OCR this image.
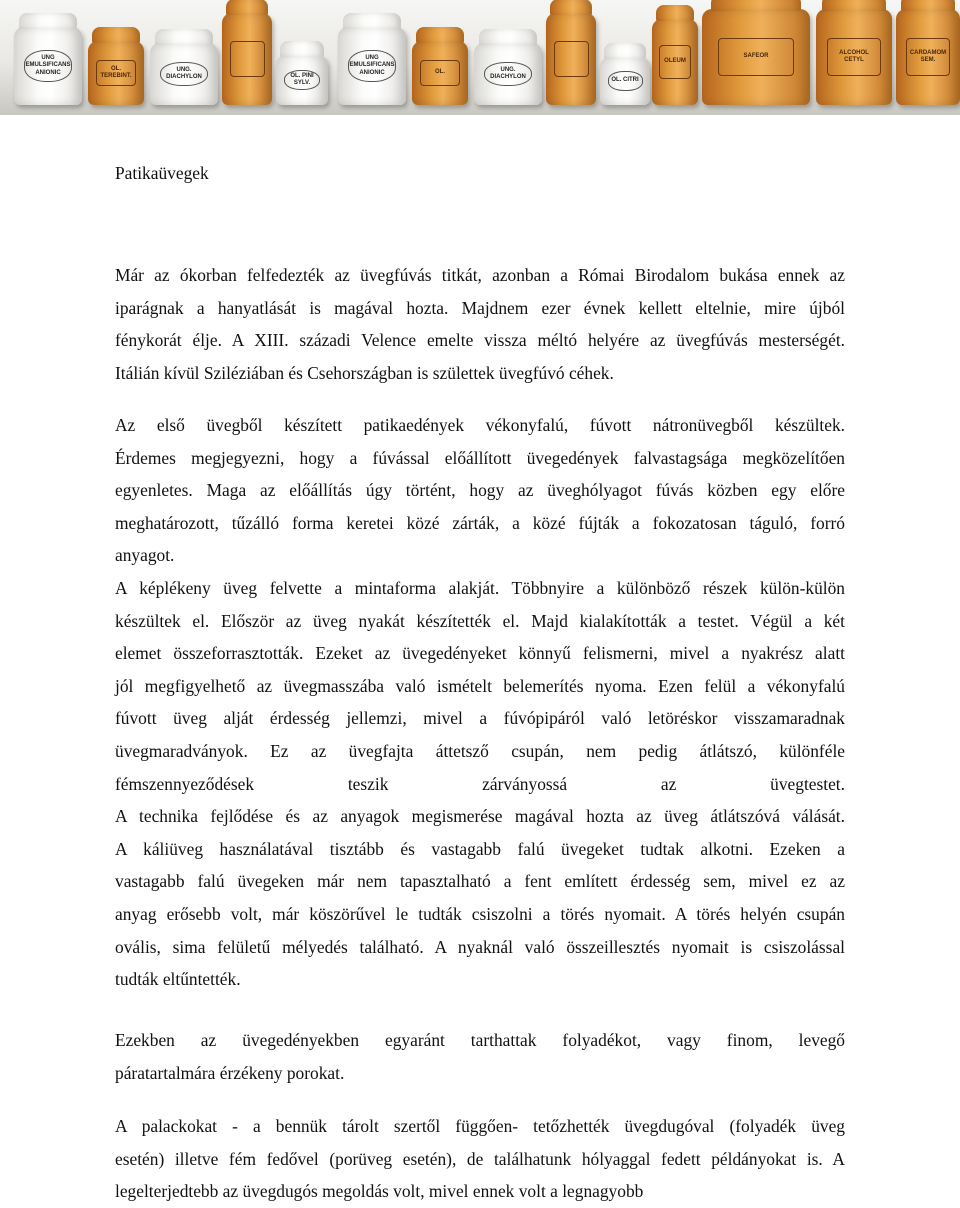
UNG EMULSIFICANS ANIONIC
OL. TEREBINT.
UNG. DIACHYLON	OL. PINI SYLV.
UNG EMULSIFICANS ANIONIC	OL.	UNG. DIACHYLON
OL. CITRI
OLEUM
SAFEOR
ALCOHOL CETYL
CARDAMOM SEM.
Patikaüvegek
Már az ókorban felfedezték az üvegfúvás titkát, azonban a Római Birodalom bukása ennek az
iparágnak a hanyatlását is magával hozta. Majdnem ezer évnek kellett eltelnie, mire újból
fénykorát élje. A XIII. századi Velence emelte vissza méltó helyére az üvegfúvás mesterségét.
Itálián kívül Sziléziában és Csehországban is születtek üvegfúvó céhek.
Az első üvegből készített patikaedények vékonyfalú, fúvott nátronüvegből készültek.
Érdemes megjegyezni, hogy a fúvással előállított üvegedények falvastagsága megközelítően
egyenletes. Maga az előállítás úgy történt, hogy az üveghólyagot fúvás közben egy előre
meghatározott, tűzálló forma keretei közé zárták, a közé fújták a fokozatosan táguló, forró
anyagot.
A képlékeny üveg felvette a mintaforma alakját. Többnyire a különböző részek külön-külön
készültek el. Először az üveg nyakát készítették el. Majd kialakították a testet. Végül a két
elemet összeforrasztották. Ezeket az üvegedényeket könnyű felismerni, mivel a nyakrész alatt
jól megfigyelhető az üvegmasszába való ismételt belemerítés nyoma. Ezen felül a vékonyfalú
fúvott üveg alját érdesség jellemzi, mivel a fúvópipáról való letöréskor visszamaradnak
üvegmaradványok. Ez az üvegfajta áttetsző csupán, nem pedig átlátszó, különféle
fémszennyeződések teszik zárványossá az üvegtestet.
A technika fejlődése és az anyagok megismerése magával hozta az üveg átlátszóvá válását.
A káliüveg használatával tisztább és vastagabb falú üvegeket tudtak alkotni. Ezeken a
vastagabb falú üvegeken már nem tapasztalható a fent említett érdesség sem, mivel ez az
anyag erősebb volt, már köszörűvel le tudták csiszolni a törés nyomait. A törés helyén csupán
ovális, sima felületű mélyedés található. A nyaknál való összeillesztés nyomait is csiszolással
tudták eltűntették.
Ezekben az üvegedényekben egyaránt tarthattak folyadékot, vagy finom, levegő
páratartalmára érzékeny porokat.
A palackokat - a bennük tárolt szertől függően- tetőzhették üvegdugóval (folyadék üveg
esetén) illetve fém fedővel (porüveg esetén), de találhatunk hólyaggal fedett példányokat is. A
legelterjedtebb az üvegdugós megoldás volt, mivel ennek volt a legnagyobb
